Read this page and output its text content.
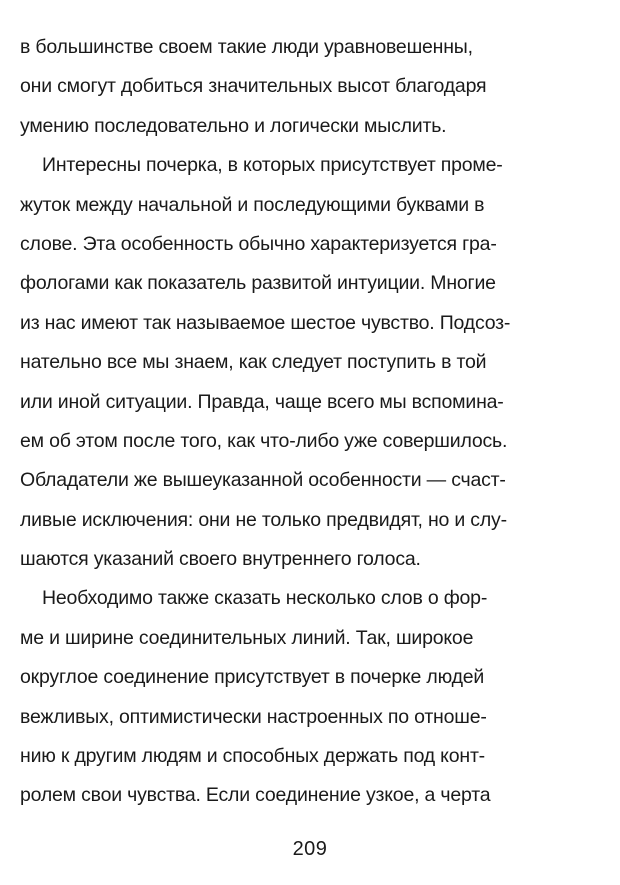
в большинстве своем такие люди уравновешенны,
они смогут добиться значительных высот благодаря
умению последовательно и логически мыслить.
Интересны почерка, в которых присутствует проме-
жуток между начальной и последующими буквами в
слове. Эта особенность обычно характеризуется гра-
фологами как показатель развитой интуиции. Многие
из нас имеют так называемое шестое чувство. Подсоз-
нательно все мы знаем, как следует поступить в той
или иной ситуации. Правда, чаще всего мы вспомина-
ем об этом после того, как что-либо уже совершилось.
Обладатели же вышеуказанной особенности — счаст-
ливые исключения: они не только предвидят, но и слу-
шаются указаний своего внутреннего голоса.
Необходимо также сказать несколько слов о фор-
ме и ширине соединительных линий. Так, широкое
округлое соединение присутствует в почерке людей
вежливых, оптимистически настроенных по отноше-
нию к другим людям и способных держать под конт-
ролем свои чувства. Если соединение узкое, а черта
209
